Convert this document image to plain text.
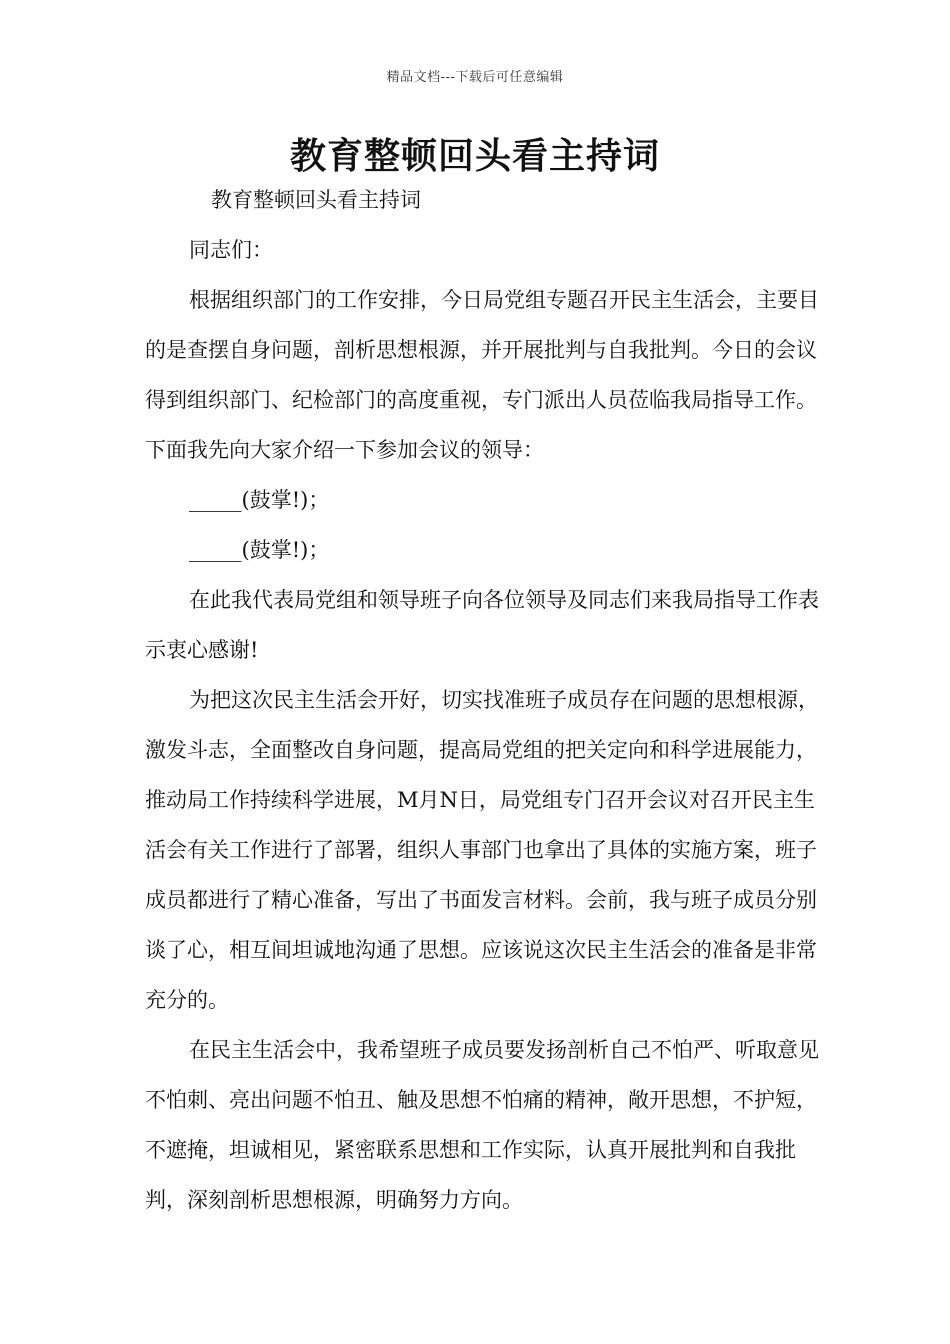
精品文档---下载后可任意编辑
教育整顿回头看主持词

教育整顿回头看主持词

同志们：

根据组织部门的工作安排，今日局党组专题召开民主生活会，主要目的是查摆自身问题，剖析思想根源，并开展批判与自我批判。今日的会议得到组织部门、纪检部门的高度重视，专门派出人员莅临我局指导工作。下面我先向大家介绍一下参加会议的领导：

_____(鼓掌!)；

_____(鼓掌!)；

在此我代表局党组和领导班子向各位领导及同志们来我局指导工作表示衷心感谢!

为把这次民主生活会开好，切实找准班子成员存在问题的思想根源，激发斗志，全面整改自身问题，提高局党组的把关定向和科学进展能力，推动局工作持续科学进展，M月N日，局党组专门召开会议对召开民主生活会有关工作进行了部署，组织人事部门也拿出了具体的实施方案，班子成员都进行了精心准备，写出了书面发言材料。会前，我与班子成员分别谈了心，相互间坦诚地沟通了思想。应该说这次民主生活会的准备是非常充分的。

在民主生活会中，我希望班子成员要发扬剖析自己不怕严、听取意见不怕刺、亮出问题不怕丑、触及思想不怕痛的精神，敞开思想，不护短，不遮掩，坦诚相见，紧密联系思想和工作实际，认真开展批判和自我批判，深刻剖析思想根源，明确努力方向。
